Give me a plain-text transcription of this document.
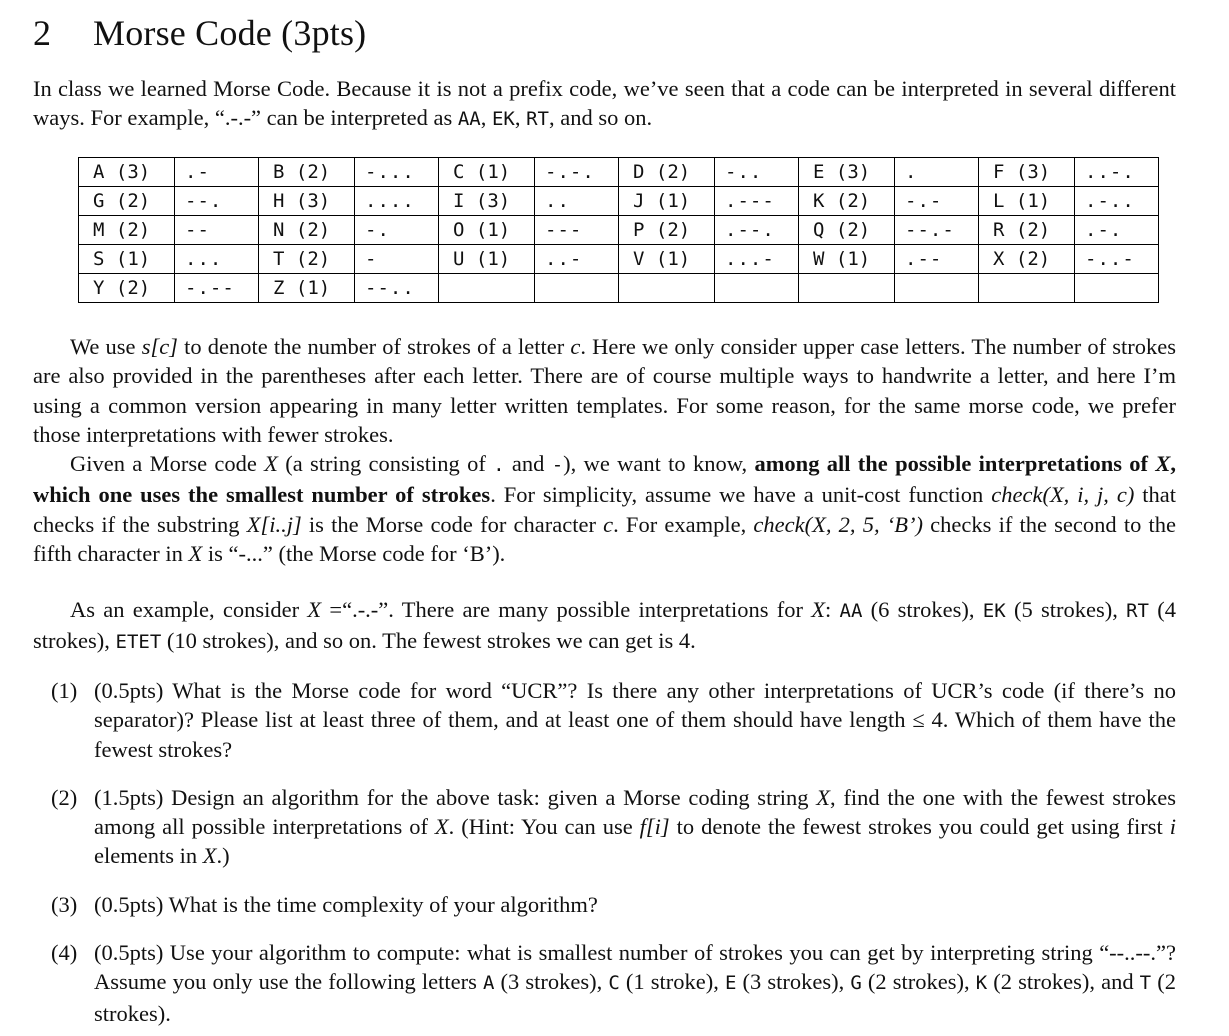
2 Morse Code (3pts)

In class we learned Morse Code. Because it is not a prefix code, we’ve seen that a code can be interpreted in several different ways. For example, “.-.-” can be interpreted as AA, EK, RT, and so on.

A (3)	.-	B (2)	-...	C (1)	-.-.	D (2)	-..	E (3)	.	F (3)	..-.
G (2)	--.	H (3)	....	I (3)	..	J (1)	.---	K (2)	-.-	L (1)	.-..
M (2)	--	N (2)	-.	O (1)	---	P (2)	.--.	Q (2)	--.-	R (2)	.-.
S (1)	...	T (2)	-	U (1)	..-	V (1)	...-	W (1)	.--	X (2)	-..-
Y (2)	-.--	Z (1)	--..								

We use s[c] to denote the number of strokes of a letter c. Here we only consider upper case letters. The number of strokes are also provided in the parentheses after each letter. There are of course multiple ways to handwrite a letter, and here I’m using a common version appearing in many letter written templates. For some reason, for the same morse code, we prefer those interpretations with fewer strokes.

Given a Morse code X (a string consisting of . and -), we want to know, among all the possible interpretations of X, which one uses the smallest number of strokes. For simplicity, assume we have a unit-cost function check(X, i, j, c) that checks if the substring X[i..j] is the Morse code for character c. For example, check(X, 2, 5, ‘B’) checks if the second to the fifth character in X is “-...” (the Morse code for ‘B’).

As an example, consider X =“.-.-”. There are many possible interpretations for X: AA (6 strokes), EK (5 strokes), RT (4 strokes), ETET (10 strokes), and so on. The fewest strokes we can get is 4.

(1) (0.5pts) What is the Morse code for word “UCR”? Is there any other interpretations of UCR’s code (if there’s no separator)? Please list at least three of them, and at least one of them should have length ≤ 4. Which of them have the fewest strokes?
(2) (1.5pts) Design an algorithm for the above task: given a Morse coding string X, find the one with the fewest strokes among all possible interpretations of X. (Hint: You can use f[i] to denote the fewest strokes you could get using first i elements in X.)
(3) (0.5pts) What is the time complexity of your algorithm?
(4) (0.5pts) Use your algorithm to compute: what is smallest number of strokes you can get by interpreting string “--..--.”? Assume you only use the following letters A (3 strokes), C (1 stroke), E (3 strokes), G (2 strokes), K (2 strokes), and T (2 strokes).
